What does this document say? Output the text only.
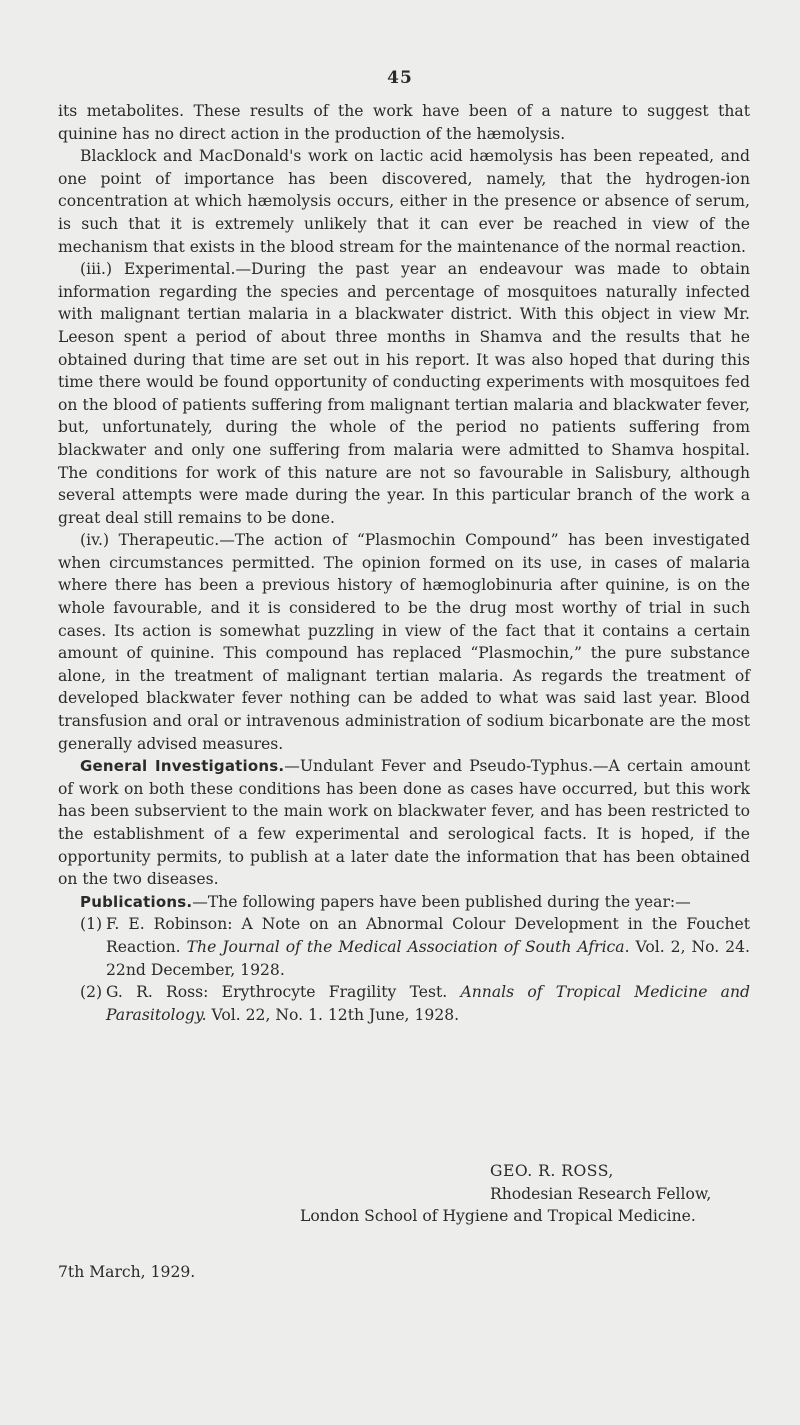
45

its metabolites. These results of the work have been of a nature to suggest that quinine has no direct action in the production of the hæmolysis.

Blacklock and MacDonald's work on lactic acid hæmolysis has been repeated, and one point of importance has been discovered, namely, that the hydrogen-ion concentration at which hæmolysis occurs, either in the presence or absence of serum, is such that it is extremely unlikely that it can ever be reached in view of the mechanism that exists in the blood stream for the maintenance of the normal reaction.

(iii.) Experimental.—During the past year an endeavour was made to obtain information regarding the species and percentage of mosquitoes naturally infected with malignant tertian malaria in a blackwater district. With this object in view Mr. Leeson spent a period of about three months in Shamva and the results that he obtained during that time are set out in his report. It was also hoped that during this time there would be found opportunity of conducting experiments with mosquitoes fed on the blood of patients suffering from malignant tertian malaria and blackwater fever, but, unfortunately, during the whole of the period no patients suffering from blackwater and only one suffering from malaria were admitted to Shamva hospital. The conditions for work of this nature are not so favourable in Salisbury, although several attempts were made during the year. In this particular branch of the work a great deal still remains to be done.

(iv.) Therapeutic.—The action of “Plasmochin Compound” has been investigated when circumstances permitted. The opinion formed on its use, in cases of malaria where there has been a previous history of hæmoglobinuria after quinine, is on the whole favourable, and it is considered to be the drug most worthy of trial in such cases. Its action is somewhat puzzling in view of the fact that it contains a certain amount of quinine. This compound has replaced “Plasmochin,” the pure substance alone, in the treatment of malignant tertian malaria. As regards the treatment of developed blackwater fever nothing can be added to what was said last year. Blood transfusion and oral or intravenous administration of sodium bicarbonate are the most generally advised measures.

General Investigations.—Undulant Fever and Pseudo-Typhus.—A certain amount of work on both these conditions has been done as cases have occurred, but this work has been subservient to the main work on blackwater fever, and has been restricted to the establishment of a few experimental and serological facts. It is hoped, if the opportunity permits, to publish at a later date the information that has been obtained on the two diseases.

Publications.—The following papers have been published during the year:—

(1) F. E. Robinson: A Note on an Abnormal Colour Development in the Fouchet Reaction. The Journal of the Medical Association of South Africa. Vol. 2, No. 24. 22nd December, 1928.

(2) G. R. Ross: Erythrocyte Fragility Test. Annals of Tropical Medicine and Parasitology. Vol. 22, No. 1. 12th June, 1928.

GEO. R. ROSS,
Rhodesian Research Fellow,
London School of Hygiene and Tropical Medicine.
7th March, 1929.
